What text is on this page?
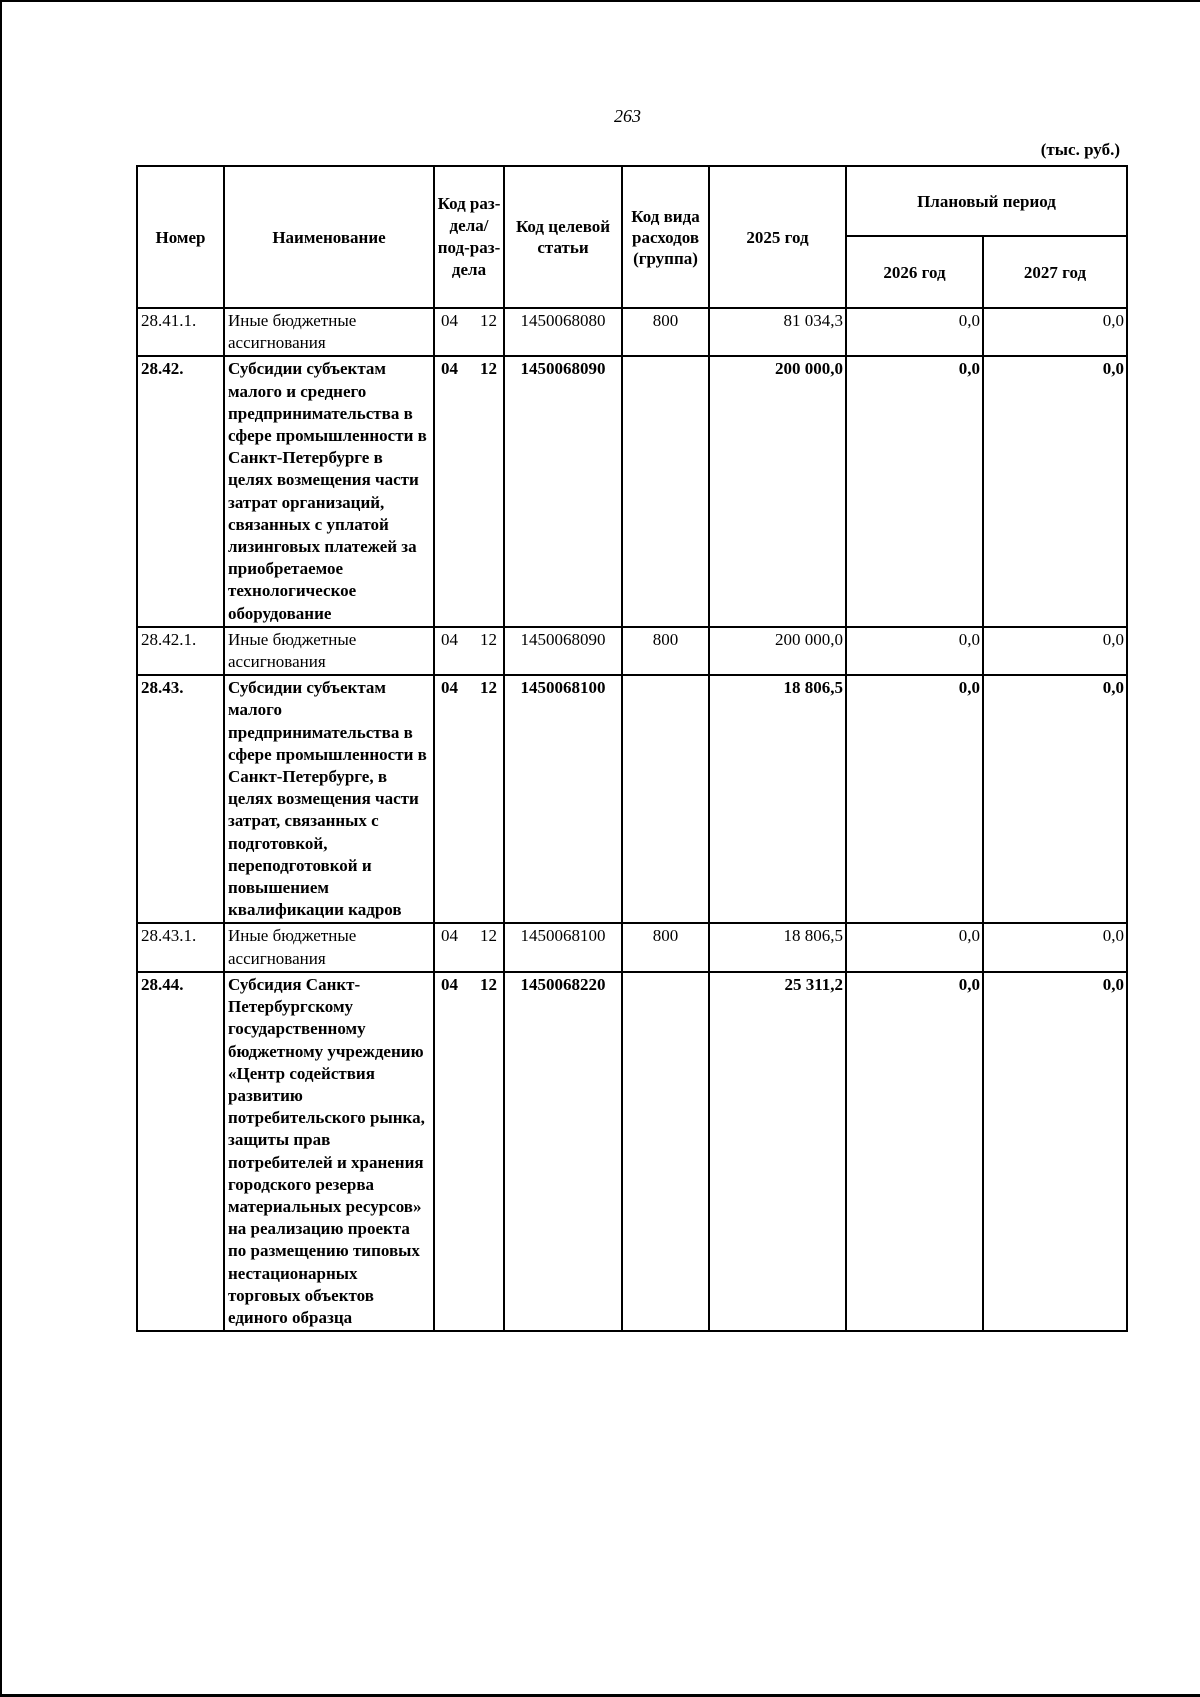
263
(тыс. руб.)
Номер	Наименование	Код раз-дела/ под-раз-дела	Код целевой статьи	Код вида расходов (группа)	2025 год	Плановый период	
						2026 год	2027 год
28.41.1.	Иные бюджетные ассигнования	04 12	1450068080	800	81 034,3	0,0	0,0
28.42.	Субсидии субъектам малого и среднего предпринимательства в сфере промышленности в Санкт-Петербурге в целях возмещения части затрат организаций, связанных с уплатой лизинговых платежей за приобретаемое технологическое оборудование	04 12	1450068090		200 000,0	0,0	0,0
28.42.1.	Иные бюджетные ассигнования	04 12	1450068090	800	200 000,0	0,0	0,0
28.43.	Субсидии субъектам малого предпринимательства в сфере промышленности в Санкт-Петербурге, в целях возмещения части затрат, связанных с подготовкой, переподготовкой и повышением квалификации кадров	04 12	1450068100		18 806,5	0,0	0,0
28.43.1.	Иные бюджетные ассигнования	04 12	1450068100	800	18 806,5	0,0	0,0
28.44.	Субсидия Санкт-Петербургскому государственному бюджетному учреждению «Центр содействия развитию потребительского рынка, защиты прав потребителей и хранения городского резерва материальных ресурсов» на реализацию проекта по размещению типовых нестационарных торговых объектов единого образца	04 12	1450068220		25 311,2	0,0	0,0
